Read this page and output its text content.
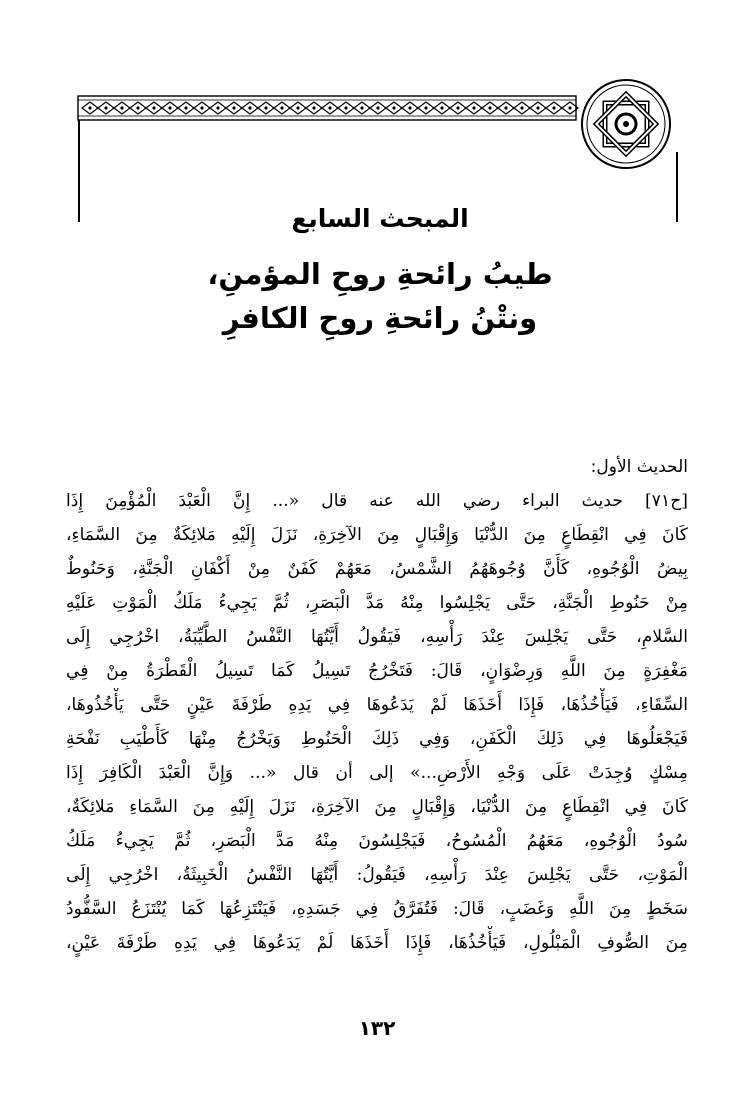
المبحث السابع
طيبُ رائحةِ روحِ المؤمنِ،
ونتْنُ رائحةِ روحِ الكافرِ
الحديث الأول:
[ح٧١] حديث البراء رضي الله عنه قال «... إِنَّ الْعَبْدَ الْمُؤْمِنَ إِذَا
كَانَ فِي انْقِطَاعٍ مِنَ الدُّنْيَا وَإِقْبَالٍ مِنَ الآخِرَةِ، نَزَلَ إِلَيْهِ مَلائِكَةٌ مِنَ السَّمَاءِ،
بِيضُ الْوُجُوهِ، كَأَنَّ وُجُوهَهُمُ الشَّمْسُ، مَعَهُمْ كَفَنٌ مِنْ أَكْفَانِ الْجَنَّةِ، وَحَنُوطٌ
مِنْ حَنُوطِ الْجَنَّةِ، حَتَّى يَجْلِسُوا مِنْهُ مَدَّ الْبَصَرِ، ثُمَّ يَجِيءُ مَلَكُ الْمَوْتِ عَلَيْهِ
السَّلامِ، حَتَّى يَجْلِسَ عِنْدَ رَأْسِهِ، فَيَقُولُ أَيَّتُهَا النَّفْسُ الطَّيِّبَةُ، اخْرُجِي إِلَى
مَغْفِرَةٍ مِنَ اللَّهِ وَرِضْوَانٍ، قَالَ: فَتَخْرُجُ تَسِيلُ كَمَا تَسِيلُ الْقَطْرَةُ مِنْ فِي
السِّقَاءِ، فَيَأْخُذُهَا، فَإِذَا أَخَذَهَا لَمْ يَدَعُوهَا فِي يَدِهِ طَرْفَةَ عَيْنٍ حَتَّى يَأْخُذُوهَا،
فَيَجْعَلُوهَا فِي ذَلِكَ الْكَفَنِ، وَفِي ذَلِكَ الْحَنُوطِ وَيَخْرُجُ مِنْهَا كَأَطْيَبِ نَفْحَةِ
مِسْكٍ وُجِدَتْ عَلَى وَجْهِ الأَرْضِ...» إلى أن قال «... وَإِنَّ الْعَبْدَ الْكَافِرَ إِذَا
كَانَ فِي انْقِطَاعٍ مِنَ الدُّنْيَا، وَإِقْبَالٍ مِنَ الآخِرَةِ، نَزَلَ إِلَيْهِ مِنَ السَّمَاءِ مَلائِكَةٌ،
سُودُ الْوُجُوهِ، مَعَهُمُ الْمُسُوحُ، فَيَجْلِسُونَ مِنْهُ مَدَّ الْبَصَرِ، ثُمَّ يَجِيءُ مَلَكُ
الْمَوْتِ، حَتَّى يَجْلِسَ عِنْدَ رَأْسِهِ، فَيَقُولُ: أَيَّتُهَا النَّفْسُ الْخَبِيثَةُ، اخْرُجِي إِلَى
سَخَطٍ مِنَ اللَّهِ وَغَضَبٍ، قَالَ: فَتُفَرَّقُ فِي جَسَدِهِ، فَيَنْتَزِعُهَا كَمَا يُنْتَزَعُ السَّفُّودُ
مِنَ الصُّوفِ الْمَبْلُولِ، فَيَأْخُذُهَا، فَإِذَا أَخَذَهَا لَمْ يَدَعُوهَا فِي يَدِهِ طَرْفَةَ عَيْنٍ،
١٣٢
